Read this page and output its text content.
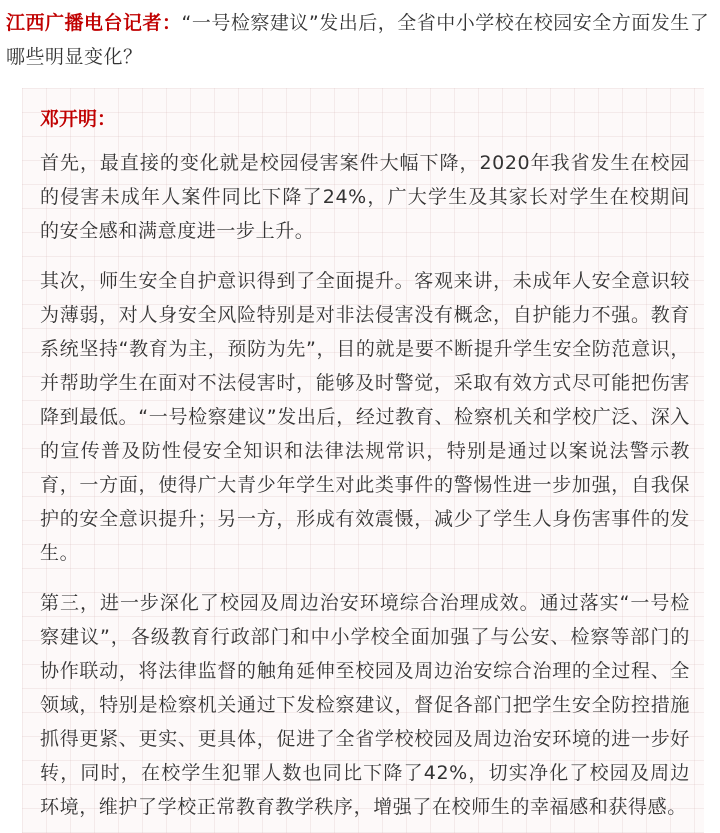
江西广播电台记者：“一号检察建议”发出后，全省中小学校在校园安全方面发生了哪些明显变化？
邓开明：

首先，最直接的变化就是校园侵害案件大幅下降，2020年我省发生在校园的侵害未成年人案件同比下降了24%，广大学生及其家长对学生在校期间的安全感和满意度进一步上升。

其次，师生安全自护意识得到了全面提升。客观来讲，未成年人安全意识较为薄弱，对人身安全风险特别是对非法侵害没有概念，自护能力不强。教育系统坚持“教育为主，预防为先”，目的就是要不断提升学生安全防范意识，并帮助学生在面对不法侵害时，能够及时警觉，采取有效方式尽可能把伤害降到最低。“一号检察建议”发出后，经过教育、检察机关和学校广泛、深入的宣传普及防性侵安全知识和法律法规常识，特别是通过以案说法警示教育，一方面，使得广大青少年学生对此类事件的警惕性进一步加强，自我保护的安全意识提升；另一方，形成有效震慑，减少了学生人身伤害事件的发生。

第三，进一步深化了校园及周边治安环境综合治理成效。通过落实“一号检察建议”，各级教育行政部门和中小学校全面加强了与公安、检察等部门的协作联动，将法律监督的触角延伸至校园及周边治安综合治理的全过程、全领域，特别是检察机关通过下发检察建议，督促各部门把学生安全防控措施抓得更紧、更实、更具体，促进了全省学校校园及周边治安环境的进一步好转，同时，在校学生犯罪人数也同比下降了42%，切实净化了校园及周边环境，维护了学校正常教育教学秩序，增强了在校师生的幸福感和获得感。
